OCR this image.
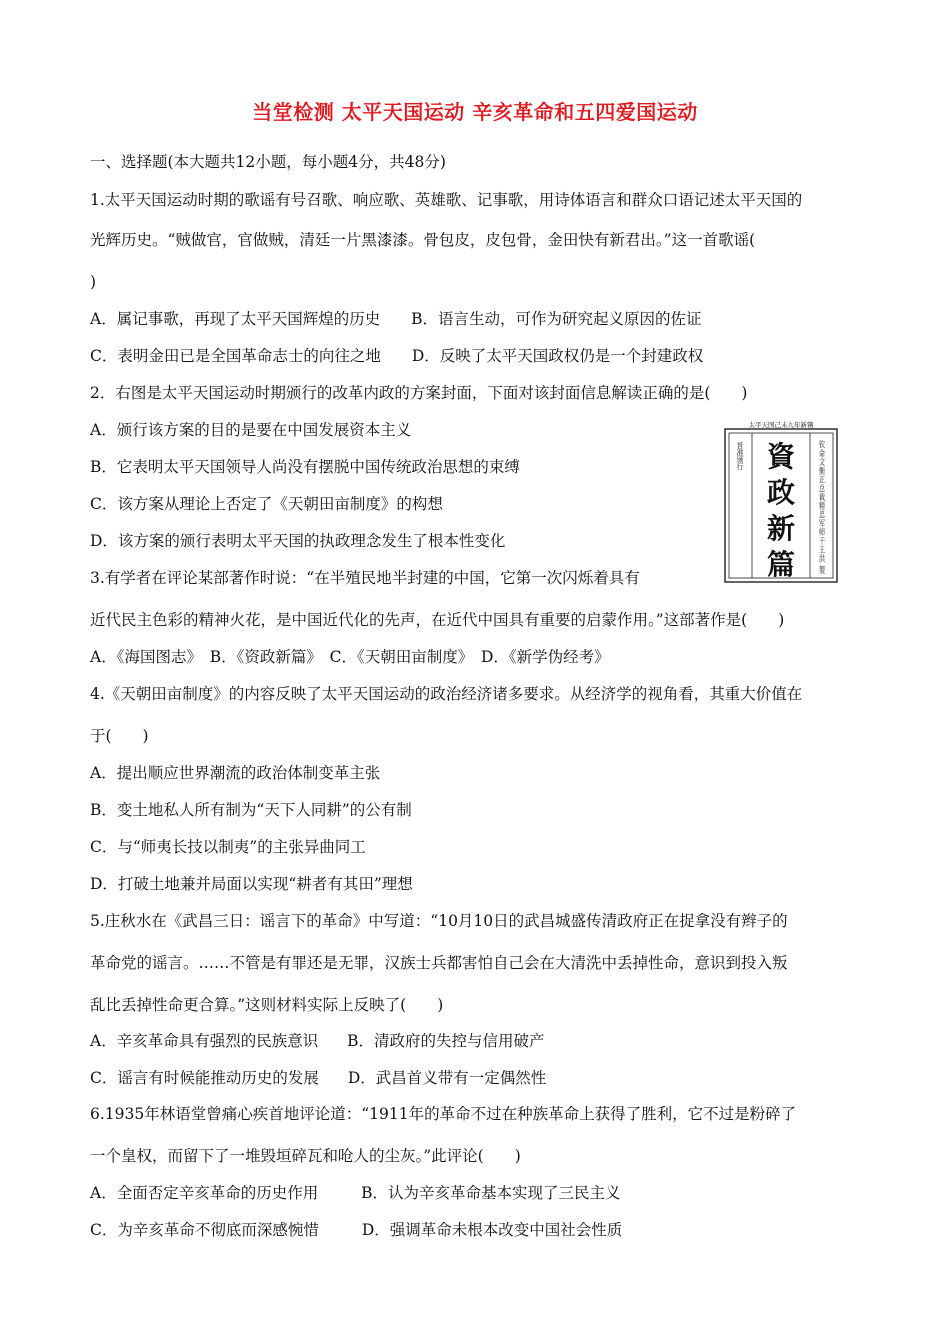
当堂检测 太平天国运动 辛亥革命和五四爱国运动
一、选择题(本大题共12小题，每小题4分，共48分)
1.太平天国运动时期的歌谣有号召歌、响应歌、英雄歌、记事歌，用诗体语言和群众口语记述太平天国的
光辉历史。“贼做官，官做贼，清廷一片黑漆漆。骨包皮，皮包骨，金田快有新君出。”这一首歌谣(
)
A．属记事歌，再现了太平天国辉煌的历史 B．语言生动，可作为研究起义原因的佐证
C．表明金田已是全国革命志士的向往之地 D．反映了太平天国政权仍是一个封建政权
2．右图是太平天国运动时期颁行的改革内政的方案封面，下面对该封面信息解读正确的是(　　)
A．颁行该方案的目的是要在中国发展资本主义
B．它表明太平天国领导人尚没有摆脱中国传统政治思想的束缚
C．该方案从理论上否定了《天朝田亩制度》的构想
D．该方案的颁行表明太平天国的执政理念发生了根本性变化
太平天国己未九年新镌
旨准颁行 資
政
新
篇
钦命文衡正总裁精忠军师干王洪 製
3.有学者在评论某部著作时说：“在半殖民地半封建的中国，它第一次闪烁着具有
近代民主色彩的精神火花，是中国近代化的先声，在近代中国具有重要的启蒙作用。”这部著作是(　　)
A．《海国图志》　B．《资政新篇》　C．《天朝田亩制度》　D．《新学伪经考》
4.《天朝田亩制度》的内容反映了太平天国运动的政治经济诸多要求。从经济学的视角看，其重大价值在
于(　　)
A．提出顺应世界潮流的政治体制变革主张
B．变土地私人所有制为“天下人同耕”的公有制
C．与“师夷长技以制夷”的主张异曲同工
D．打破土地兼并局面以实现“耕者有其田”理想
5.庄秋水在《武昌三日：谣言下的革命》中写道：“10月10日的武昌城盛传清政府正在捉拿没有辫子的
革命党的谣言。……不管是有罪还是无罪，汉族士兵都害怕自己会在大清洗中丢掉性命，意识到投入叛
乱比丢掉性命更合算。”这则材料实际上反映了(　　)
A．辛亥革命具有强烈的民族意识 B．清政府的失控与信用破产
C．谣言有时候能推动历史的发展 D．武昌首义带有一定偶然性
6.1935年林语堂曾痛心疾首地评论道：“1911年的革命不过在种族革命上获得了胜利，它不过是粉碎了
一个皇权，而留下了一堆毁垣碎瓦和呛人的尘灰。”此评论(　　)
A．全面否定辛亥革命的历史作用	B．认为辛亥革命基本实现了三民主义
C．为辛亥革命不彻底而深感惋惜	D．强调革命未根本改变中国社会性质
